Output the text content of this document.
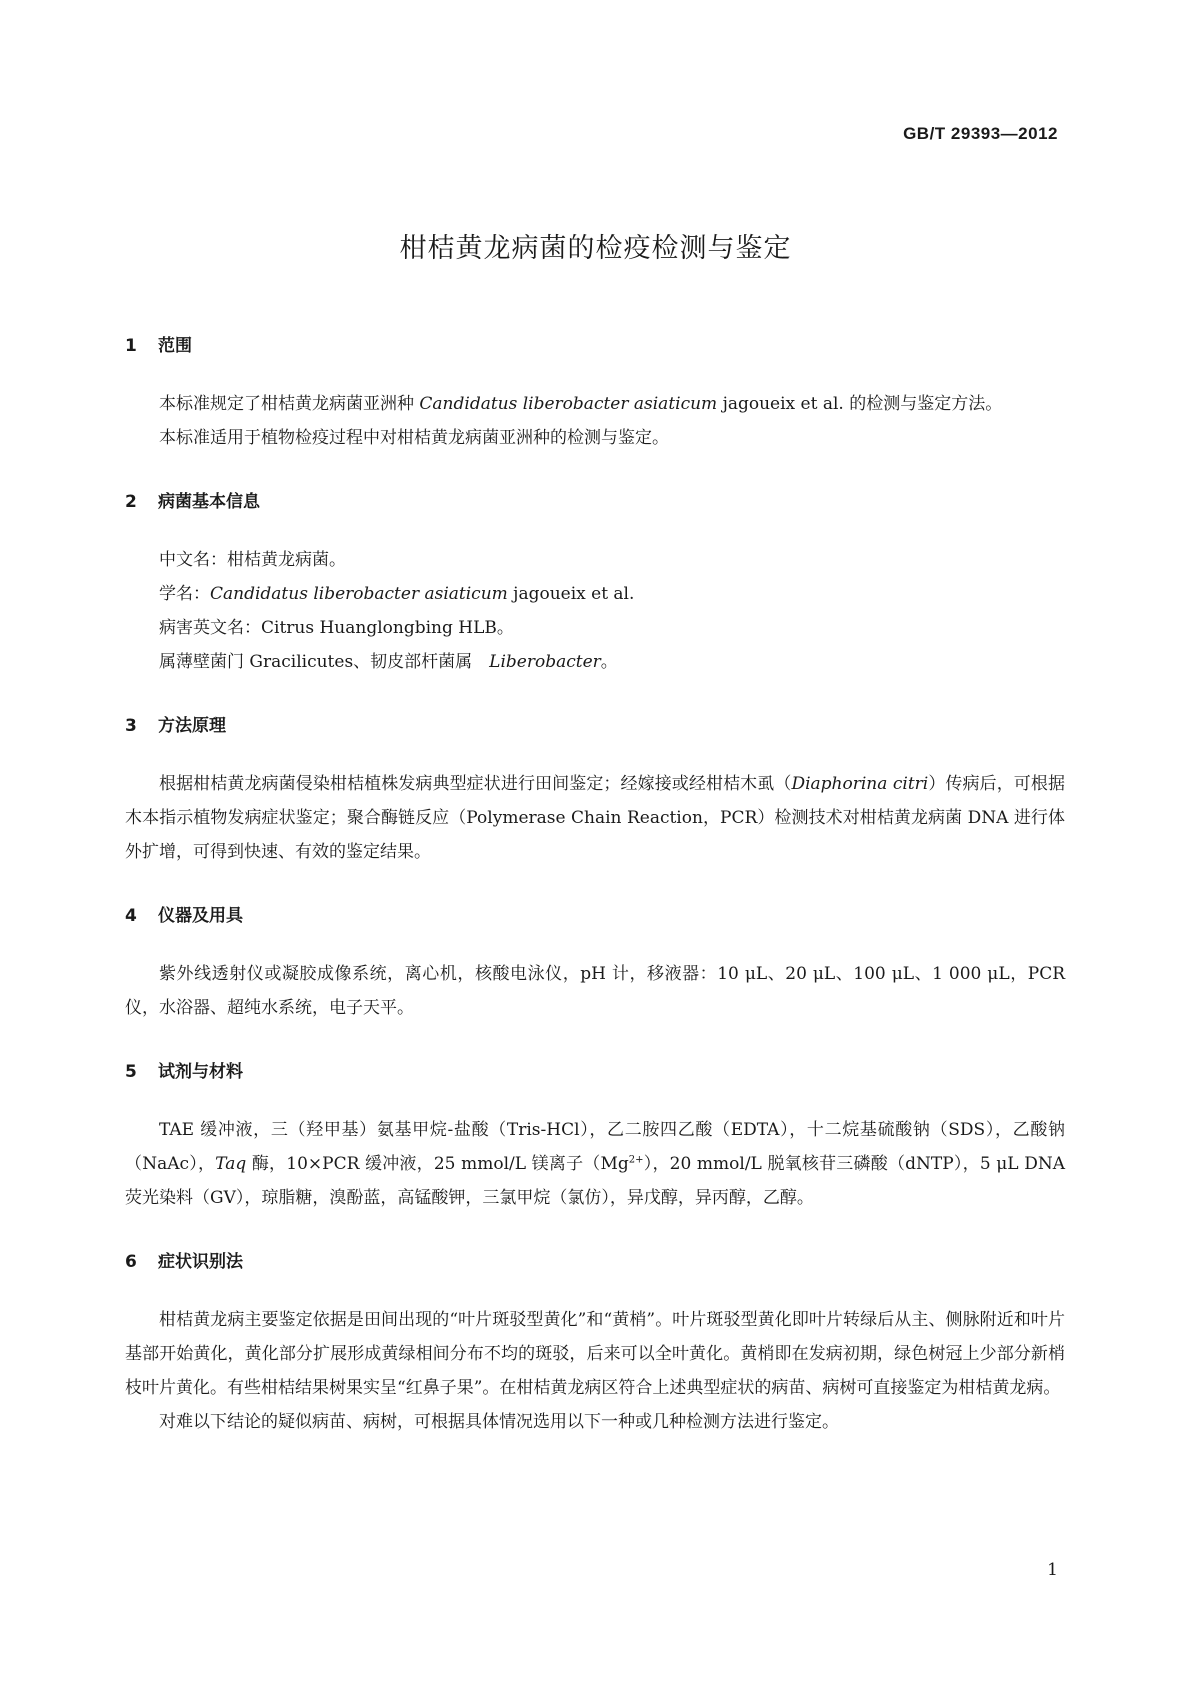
GB/T 29393—2012
柑桔黄龙病菌的检疫检测与鉴定
1 范围

本标准规定了柑桔黄龙病菌亚洲种 Candidatus liberobacter asiaticum jagoueix et al. 的检测与鉴定方法。

本标准适用于植物检疫过程中对柑桔黄龙病菌亚洲种的检测与鉴定。

2 病菌基本信息

中文名：柑桔黄龙病菌。

学名：Candidatus liberobacter asiaticum jagoueix et al.

病害英文名：Citrus Huanglongbing HLB。

属薄壁菌门 Gracilicutes、韧皮部杆菌属　Liberobacter。

3 方法原理

根据柑桔黄龙病菌侵染柑桔植株发病典型症状进行田间鉴定；经嫁接或经柑桔木虱（Diaphorina citri）传病后，可根据木本指示植物发病症状鉴定；聚合酶链反应（Polymerase Chain Reaction，PCR）检测技术对柑桔黄龙病菌 DNA 进行体外扩增，可得到快速、有效的鉴定结果。

4 仪器及用具

紫外线透射仪或凝胶成像系统，离心机，核酸电泳仪，pH 计，移液器：10 μL、20 μL、100 μL、1 000 μL，PCR 仪，水浴器、超纯水系统，电子天平。

5 试剂与材料

TAE 缓冲液，三（羟甲基）氨基甲烷-盐酸（Tris-HCl），乙二胺四乙酸（EDTA），十二烷基硫酸钠（SDS），乙酸钠（NaAc），Taq 酶，10×PCR 缓冲液，25 mmol/L 镁离子$(Mg^{2+})$，20 mmol/L 脱氧核苷三磷酸（dNTP），5 μL DNA 荧光染料（GV），琼脂糖，溴酚蓝，高锰酸钾，三氯甲烷（氯仿），异戊醇，异丙醇，乙醇。

6 症状识别法

柑桔黄龙病主要鉴定依据是田间出现的“叶片斑驳型黄化”和“黄梢”。叶片斑驳型黄化即叶片转绿后从主、侧脉附近和叶片基部开始黄化，黄化部分扩展形成黄绿相间分布不均的斑驳，后来可以全叶黄化。黄梢即在发病初期，绿色树冠上少部分新梢枝叶片黄化。有些柑桔结果树果实呈“红鼻子果”。在柑桔黄龙病区符合上述典型症状的病苗、病树可直接鉴定为柑桔黄龙病。

对难以下结论的疑似病苗、病树，可根据具体情况选用以下一种或几种检测方法进行鉴定。

1
